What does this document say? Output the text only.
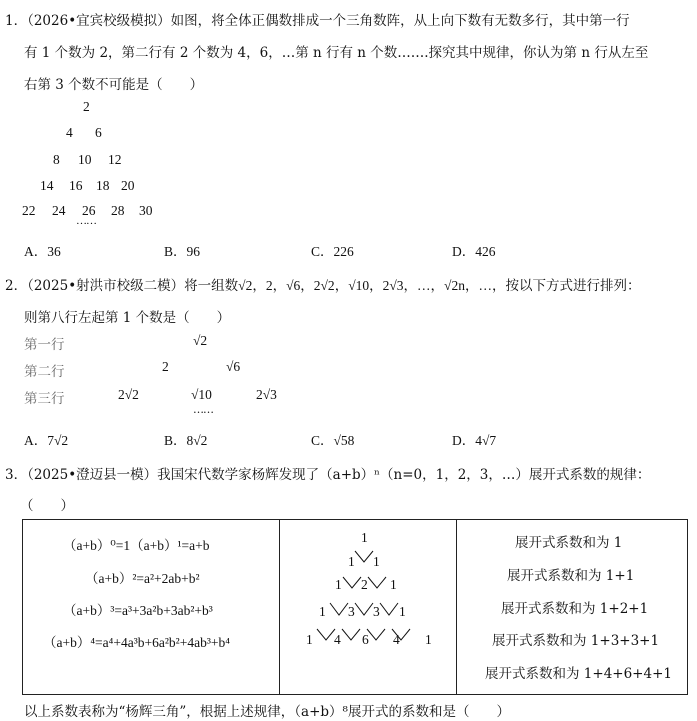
1．（2026•宜宾校级模拟）如图，将全体正偶数排成一个三角数阵，从上向下数有无数多行，其中第一行
有 1 个数为 2，第二行有 2 个数为 4，6，…第 n 行有 n 个数…….探究其中规律，你认为第 n 行从左至
右第 3 个数不可能是（　　）
2
4 6
8 10 12
14 16 18 20
22 24 26 28 30
……
A．36	B．96	C．226	D．426
2．（2025•射洪市校级二模）将一组数√2，2，√6，2√2，√10，2√3，…，√2n，…，按以下方式进行排列：
则第八行左起第 1 个数是（　　）
第一行
第二行
第三行
√2
2	√6
2√2	√10	2√3
……
A．7√2	B．8√2	C．√58	D．4√7
3．（2025•澄迈县一模）我国宋代数学家杨辉发现了（a+b）ⁿ（n=0，1，2，3，…）展开式系数的规律：
（　　）
（a+b）⁰=1（a+b）¹=a+b
（a+b）²=a²+2ab+b²
（a+b）³=a³+3a²b+3ab²+b³
（a+b）⁴=a⁴+4a³b+6a²b²+4ab³+b⁴

1
1 1
1 2 1
1 3 3 1
1 4 6 4 1

展开式系数和为 1
展开式系数和为 1+1
展开式系数和为 1+2+1
展开式系数和为 1+3+3+1
展开式系数和为 1+4+6+4+1
以上系数表称为“杨辉三角”，根据上述规律，（a+b）⁸展开式的系数和是（　　）
